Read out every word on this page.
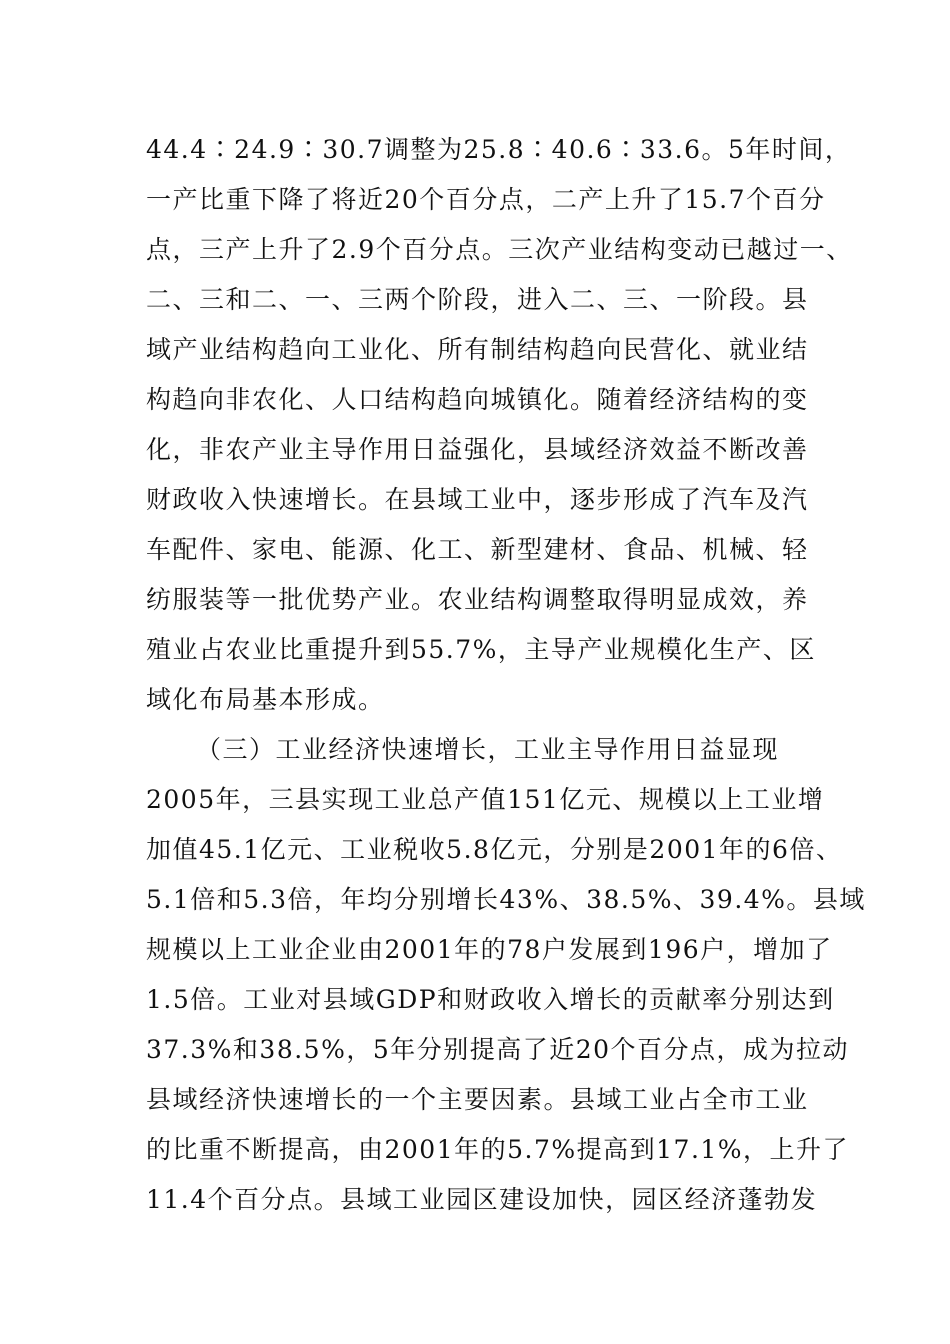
44.4∶24.9∶30.7调整为25.8∶40.6∶33.6。5年时间，
一产比重下降了将近20个百分点，二产上升了15.7个百分
点，三产上升了2.9个百分点。三次产业结构变动已越过一、
二、三和二、一、三两个阶段，进入二、三、一阶段。县
域产业结构趋向工业化、所有制结构趋向民营化、就业结
构趋向非农化、人口结构趋向城镇化。随着经济结构的变
化，非农产业主导作用日益强化，县域经济效益不断改善
财政收入快速增长。在县域工业中，逐步形成了汽车及汽
车配件、家电、能源、化工、新型建材、食品、机械、轻
纺服装等一批优势产业。农业结构调整取得明显成效，养
殖业占农业比重提升到55.7%，主导产业规模化生产、区
域化布局基本形成。
（三）工业经济快速增长，工业主导作用日益显现
2005年，三县实现工业总产值151亿元、规模以上工业增
加值45.1亿元、工业税收5.8亿元，分别是2001年的6倍、
5.1倍和5.3倍，年均分别增长43%、38.5%、39.4%。县域
规模以上工业企业由2001年的78户发展到196户，增加了
1.5倍。工业对县域GDP和财政收入增长的贡献率分别达到
37.3%和38.5%，5年分别提高了近20个百分点，成为拉动
县域经济快速增长的一个主要因素。县域工业占全市工业
的比重不断提高，由2001年的5.7%提高到17.1%，上升了
11.4个百分点。县域工业园区建设加快，园区经济蓬勃发
